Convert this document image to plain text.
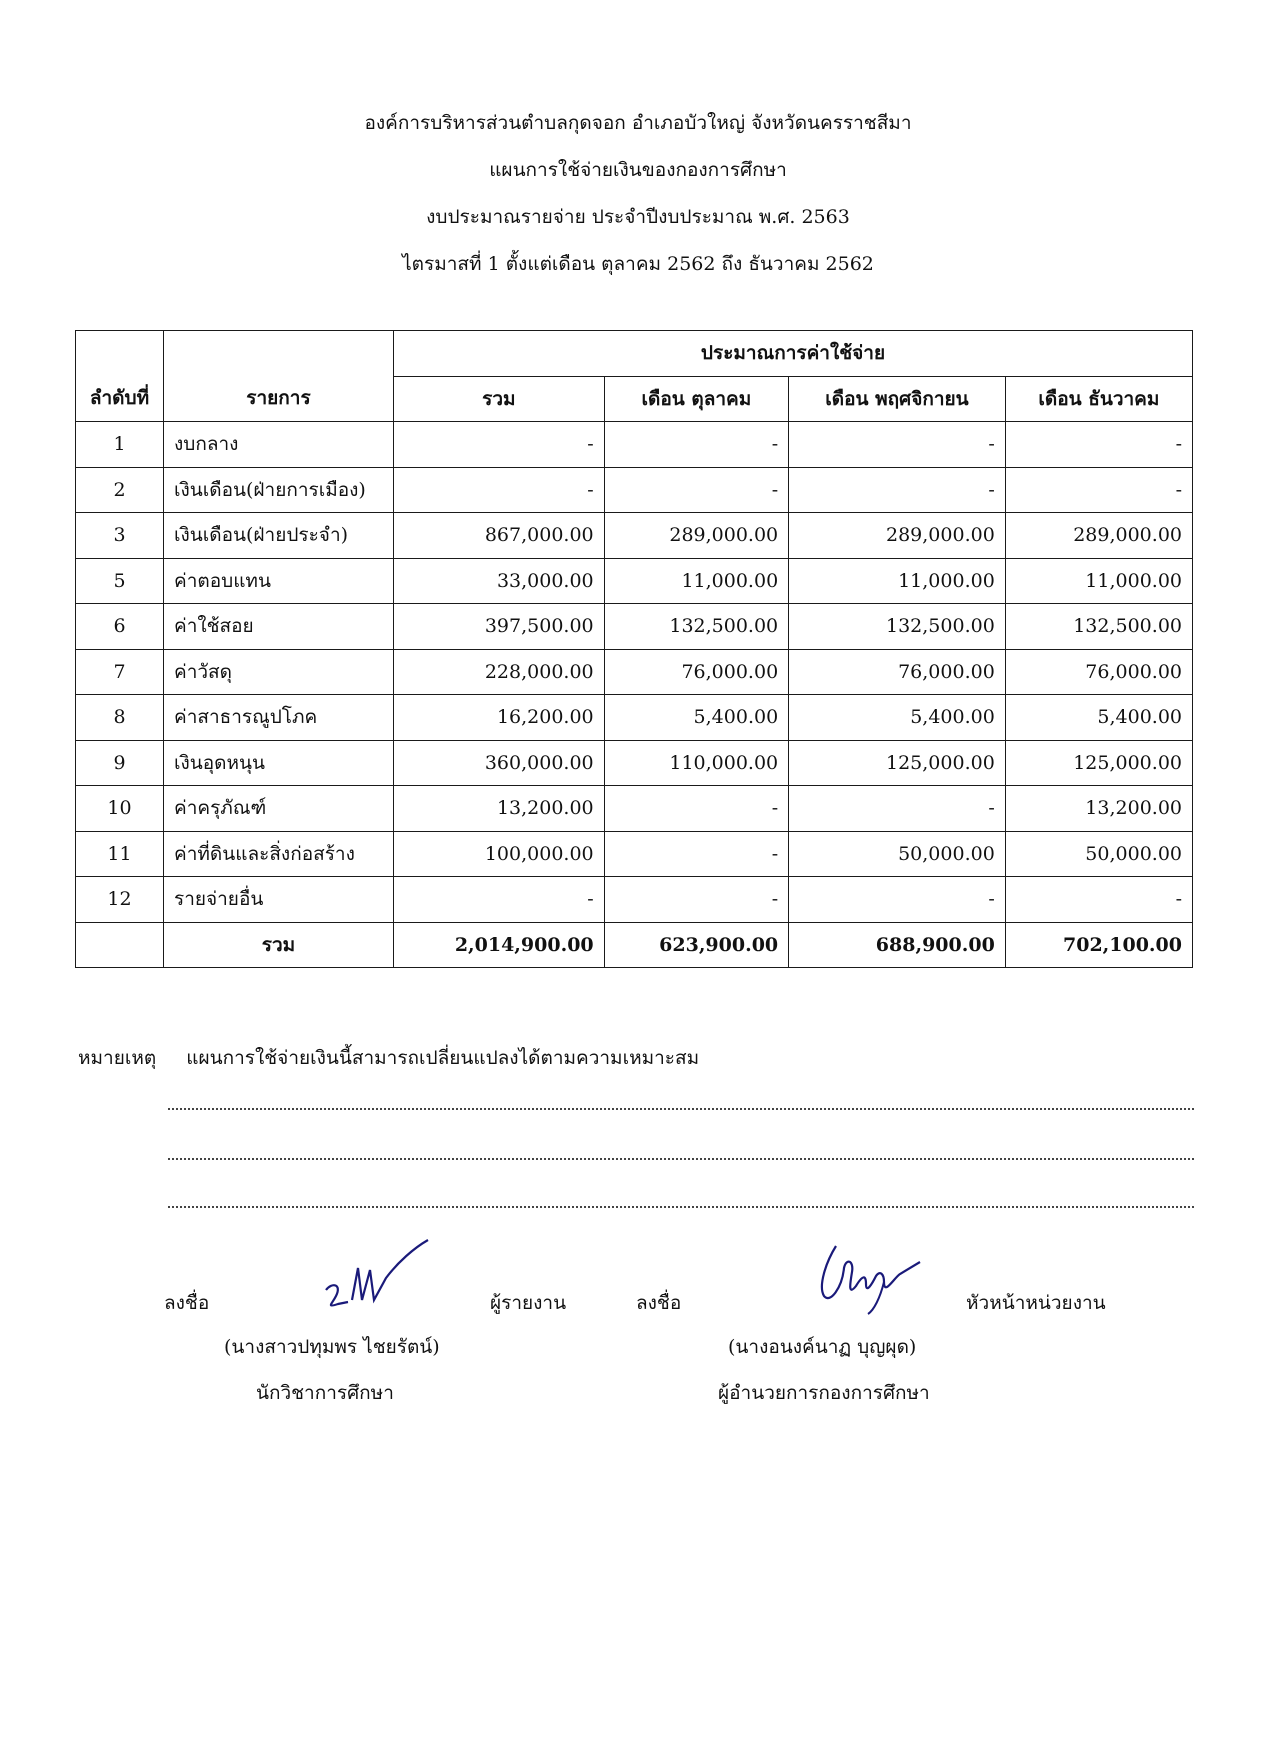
องค์การบริหารส่วนตำบลกุดจอก อำเภอบัวใหญ่ จังหวัดนครราชสีมา
แผนการใช้จ่ายเงินของกองการศึกษา
งบประมาณรายจ่าย ประจำปีงบประมาณ พ.ศ. 2563
ไตรมาสที่ 1 ตั้งแต่เดือน ตุลาคม 2562 ถึง ธันวาคม 2562
ลำดับที่	รายการ	ประมาณการค่าใช้จ่าย			
		รวม	เดือน ตุลาคม	เดือน พฤศจิกายน	เดือน ธันวาคม
1	งบกลาง	-	-	-	-
2	เงินเดือน(ฝ่ายการเมือง)	-	-	-	-
3	เงินเดือน(ฝ่ายประจำ)	867,000.00	289,000.00	289,000.00	289,000.00
5	ค่าตอบแทน	33,000.00	11,000.00	11,000.00	11,000.00
6	ค่าใช้สอย	397,500.00	132,500.00	132,500.00	132,500.00
7	ค่าวัสดุ	228,000.00	76,000.00	76,000.00	76,000.00
8	ค่าสาธารณูปโภค	16,200.00	5,400.00	5,400.00	5,400.00
9	เงินอุดหนุน	360,000.00	110,000.00	125,000.00	125,000.00
10	ค่าครุภัณฑ์	13,200.00	-	-	13,200.00
11	ค่าที่ดินและสิ่งก่อสร้าง	100,000.00	-	50,000.00	50,000.00
12	รายจ่ายอื่น	-	-	-	-
	รวม	2,014,900.00	623,900.00	688,900.00	702,100.00
หมายเหตุ แผนการใช้จ่ายเงินนี้สามารถเปลี่ยนแปลงได้ตามความเหมาะสม
ลงชื่อ	ผู้รายงาน
(นางสาวปทุมพร ไชยรัตน์)
นักวิชาการศึกษา
ลงชื่อ	หัวหน้าหน่วยงาน
(นางอนงค์นาฏ บุญผุด)
ผู้อำนวยการกองการศึกษา
